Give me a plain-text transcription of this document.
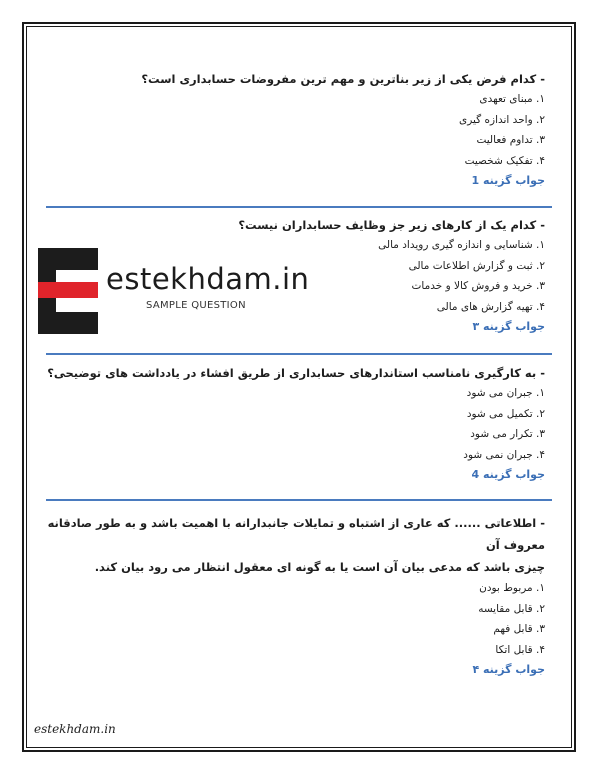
- کدام فرض یکی از زیر بناترین و مهم ترین مفروضات حسابداری است؟
۱. مبنای تعهدی
۲. واحد اندازه گیری
۳. تداوم فعالیت
۴. تفکیک شخصیت
جواب گزینه 1
- کدام یک از کارهای زیر جز وظایف حسابداران نیست؟
۱. شناسایی و اندازه گیری رویداد مالی
۲. ثبت و گزارش اطلاعات مالی
۳. خرید و فروش کالا و خدمات
۴. تهیه گزارش های مالی
جواب گزینه ۳
estekhdam.in
SAMPLE QUESTION
- به کارگیری نامناسب استاندارهای حسابداری از طریق افشاء در یادداشت های توضیحی؟
۱. جبران می شود
۲. تکمیل می شود
۳. تکرار می شود
۴. جبران نمی شود
جواب گزینه 4
- اطلاعاتی ...... که عاری از اشتباه و تمایلات جانبدارانه با اهمیت باشد و به طور صادقانه معروف آن
چیزی باشد که مدعی بیان آن است یا به گونه ای معقول انتظار می رود بیان کند.
۱. مربوط بودن
۲. قابل مقایسه
۳. قابل فهم
۴. قابل اتکا
جواب گزینه ۴
estekhdam.in
